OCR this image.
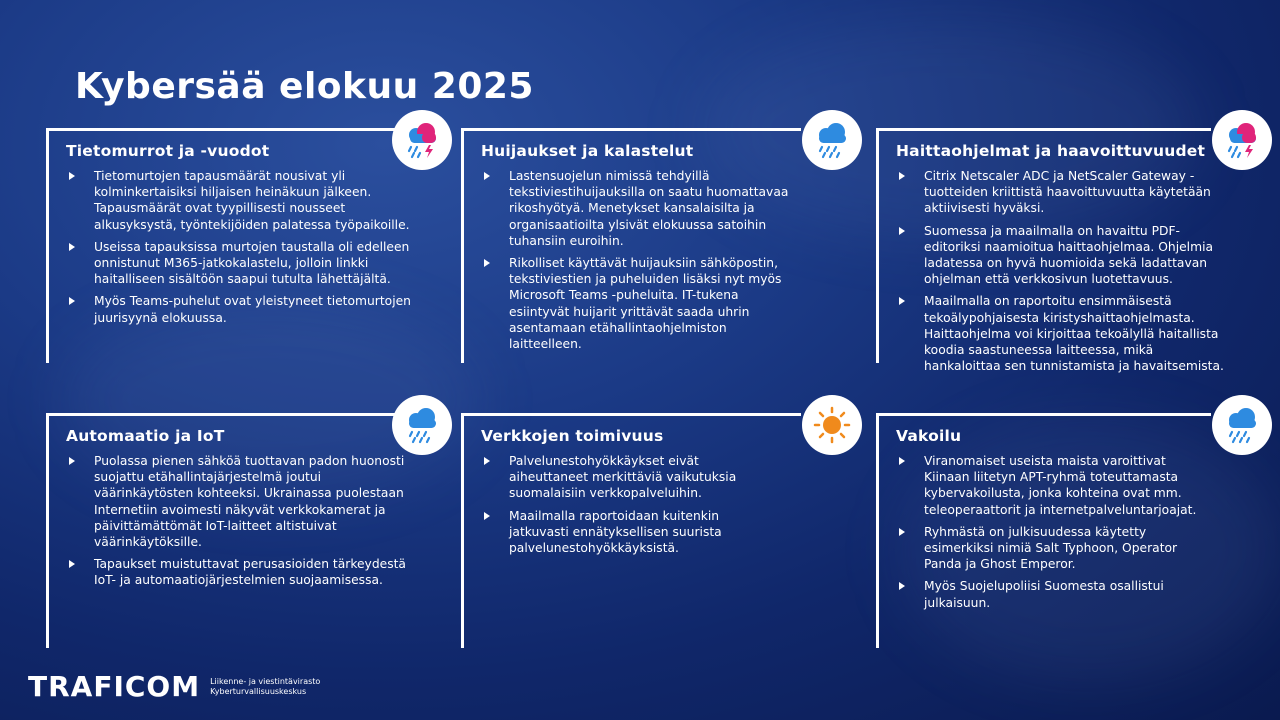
Kybersää elokuu 2025
Tietomurrot ja -vuodot
Tietomurtojen tapausmäärät nousivat yli kolminkertaisiksi hiljaisen heinäkuun jälkeen. Tapausmäärät ovat tyypillisesti nousseet alkusyksystä, työntekijöiden palatessa työpaikoille.
Useissa tapauksissa murtojen taustalla oli edelleen onnistunut M365-jatkokalastelu, jolloin linkki haitalliseen sisältöön saapui tutulta lähettäjältä.
Myös Teams-puhelut ovat yleistyneet tietomurtojen juurisyynä elokuussa.
Huijaukset ja kalastelut
Lastensuojelun nimissä tehdyillä tekstiviestihuijauksilla on saatu huomattavaa rikoshyötyä. Menetykset kansalaisilta ja organisaatioilta ylsivät elokuussa satoihin tuhansiin euroihin.
Rikolliset käyttävät huijauksiin sähköpostin, tekstiviestien ja puheluiden lisäksi nyt myös Microsoft Teams -puheluita. IT-tukena esiintyvät huijarit yrittävät saada uhrin asentamaan etähallintaohjelmiston laitteelleen.
Haittaohjelmat ja haavoittuvuudet
Citrix Netscaler ADC ja NetScaler Gateway -tuotteiden kriittistä haavoittuvuutta käytetään aktiivisesti hyväksi.
Suomessa ja maailmalla on havaittu PDF-editoriksi naamioitua haittaohjelmaa. Ohjelmia ladatessa on hyvä huomioida sekä ladattavan ohjelman että verkkosivun luotettavuus.
Maailmalla on raportoitu ensimmäisestä tekoälypohjaisesta kiristyshaittaohjelmasta. Haittaohjelma voi kirjoittaa tekoälyllä haitallista koodia saastuneessa laitteessa, mikä hankaloittaa sen tunnistamista ja havaitsemista.
Automaatio ja IoT
Puolassa pienen sähköä tuottavan padon huonosti suojattu etähallintajärjestelmä joutui väärinkäytösten kohteeksi. Ukrainassa puolestaan Internetiin avoimesti näkyvät verkkokamerat ja päivittämättömät IoT-laitteet altistuivat väärinkäytöksille.
Tapaukset muistuttavat perusasioiden tärkeydestä IoT- ja automaatiojärjestelmien suojaamisessa.
Verkkojen toimivuus
Palvelunestohyökkäykset eivät aiheuttaneet merkittäviä vaikutuksia suomalaisiin verkkopalveluihin.
Maailmalla raportoidaan kuitenkin jatkuvasti ennätyksellisen suurista palvelunestohyökkäyksistä.
Vakoilu
Viranomaiset useista maista varoittivat Kiinaan liitetyn APT-ryhmä toteuttamasta kybervakoilusta, jonka kohteina ovat mm. teleoperaattorit ja internetpalveluntarjoajat.
Ryhmästä on julkisuudessa käytetty esimerkiksi nimiä Salt Typhoon, Operator Panda ja Ghost Emperor.
Myös Suojelupoliisi Suomesta osallistui julkaisuun.
TRAFICOM Liikenne- ja viestintävirasto
Kyberturvallisuuskeskus
